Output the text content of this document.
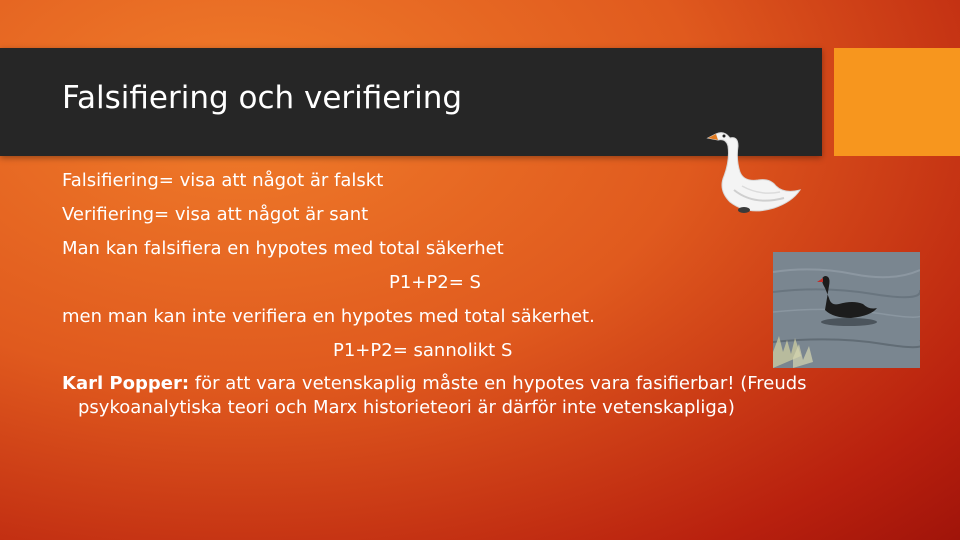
Falsifiering och verifiering
Falsifiering= visa att något är falskt
Verifiering= visa att något är sant
Man kan falsifiera en hypotes med total säkerhet
P1+P2= S
men man kan inte verifiera en hypotes med total säkerhet.
P1+P2= sannolikt S
Karl Popper: för att vara vetenskaplig måste en hypotes vara fasifierbar! (Freuds psykoanalytiska teori och Marx historieteori är därför inte vetenskapliga)
